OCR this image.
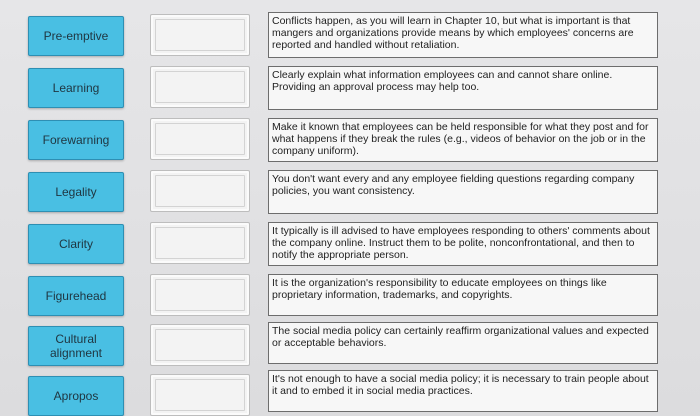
Pre-emptive
Learning
Forewarning
Legality
Clarity
Figurehead
Cultural alignment
Apropos
Conflicts happen, as you will learn in Chapter 10, but what is important is that mangers and organizations provide means by which employees' concerns are reported and handled without retaliation.
Clearly explain what information employees can and cannot share online. Providing an approval process may help too.
Make it known that employees can be held responsible for what they post and for what happens if they break the rules (e.g., videos of behavior on the job or in the company uniform).
You don't want every and any employee fielding questions regarding company policies, you want consistency.
It typically is ill advised to have employees responding to others' comments about the company online. Instruct them to be polite, nonconfrontational, and then to notify the appropriate person.
It is the organization's responsibility to educate employees on things like proprietary information, trademarks, and copyrights.
The social media policy can certainly reaffirm organizational values and expected or acceptable behaviors.
It's not enough to have a social media policy; it is necessary to train people about it and to embed it in social media practices.
